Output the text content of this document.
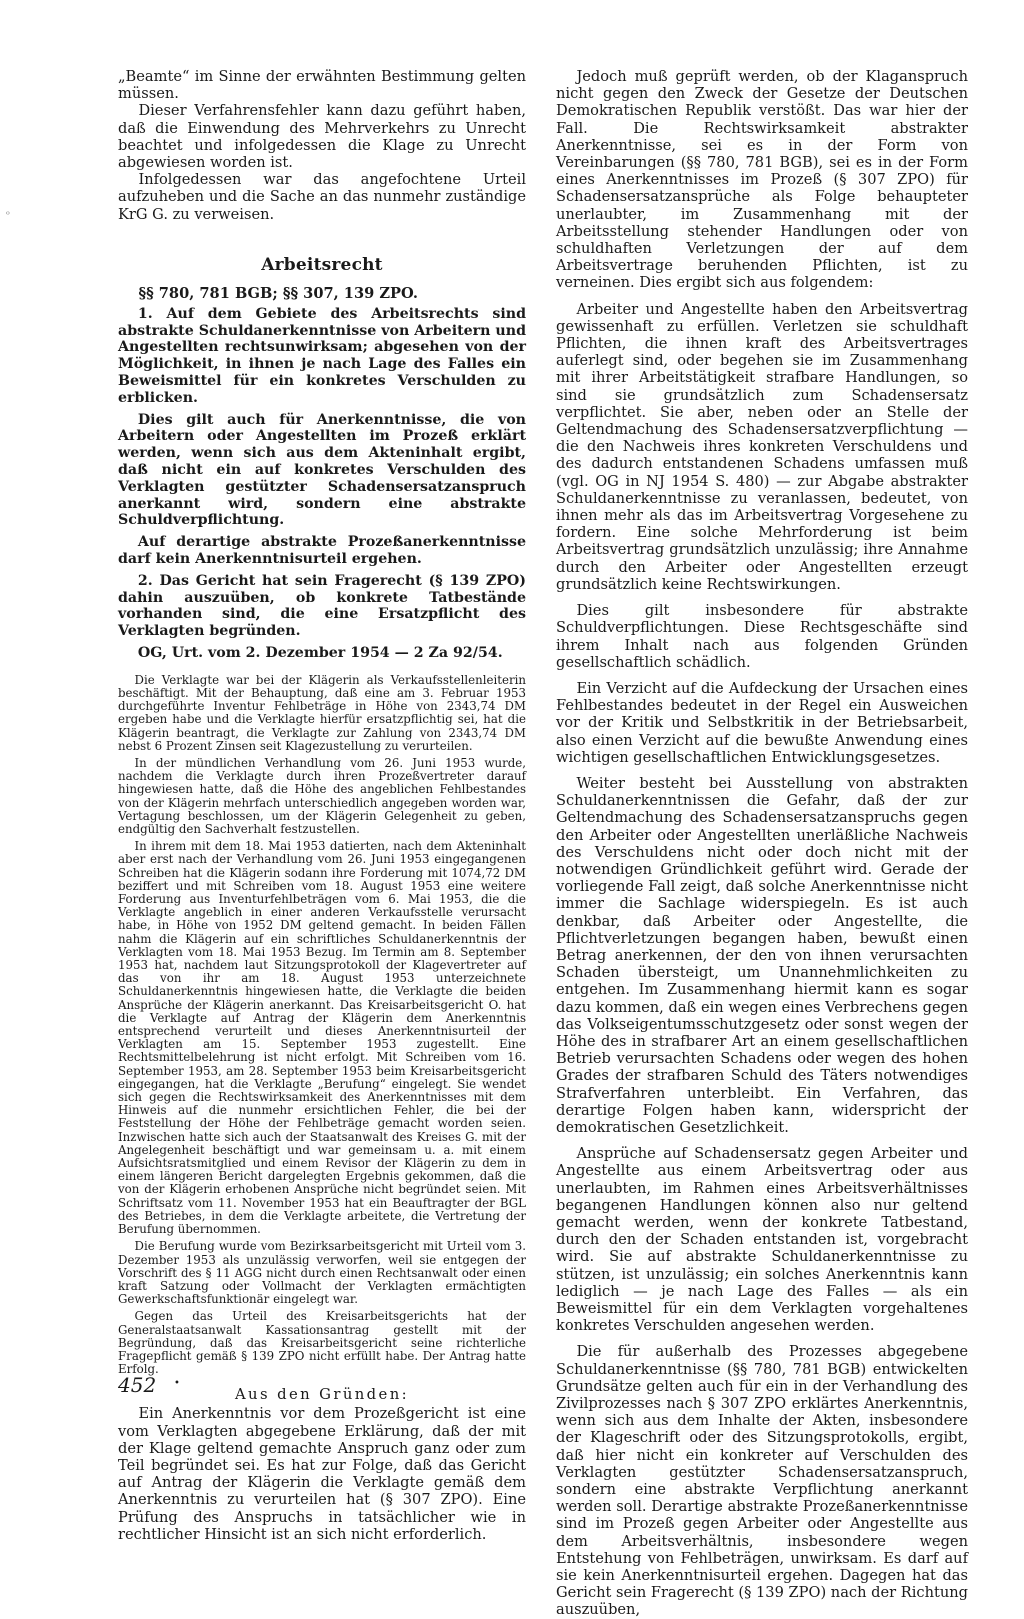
ᵒ

„Beamte“ im Sinne der erwähnten Bestimmung gelten müssen.

Dieser Verfahrensfehler kann dazu geführt haben, daß die Einwendung des Mehrverkehrs zu Unrecht beachtet und infolgedessen die Klage zu Unrecht abgewiesen worden ist.

Infolgedessen war das angefochtene Urteil aufzuheben und die Sache an das nunmehr zuständige KrG G. zu verweisen.

Arbeitsrecht

§§ 780, 781 BGB; §§ 307, 139 ZPO.

1. Auf dem Gebiete des Arbeitsrechts sind abstrakte Schuldanerkenntnisse von Arbeitern und Angestellten rechtsunwirksam; abgesehen von der Möglichkeit, in ihnen je nach Lage des Falles ein Beweismittel für ein konkretes Verschulden zu erblicken.

Dies gilt auch für Anerkenntnisse, die von Arbeitern oder Angestellten im Prozeß erklärt werden, wenn sich aus dem Akteninhalt ergibt, daß nicht ein auf konkretes Verschulden des Verklagten gestützter Schadensersatzanspruch anerkannt wird, sondern eine abstrakte Schuldverpflichtung.

Auf derartige abstrakte Prozeßanerkenntnisse darf kein Anerkenntnisurteil ergehen.

2. Das Gericht hat sein Fragerecht (§ 139 ZPO) dahin auszuüben, ob konkrete Tatbestände vorhanden sind, die eine Ersatzpflicht des Verklagten begründen.

OG, Urt. vom 2. Dezember 1954 — 2 Za 92/54.

Die Verklagte war bei der Klägerin als Verkaufsstellenleiterin beschäftigt. Mit der Behauptung, daß eine am 3. Februar 1953 durchgeführte Inventur Fehlbeträge in Höhe von 2343,74 DM ergeben habe und die Verklagte hierfür ersatzpflichtig sei, hat die Klägerin beantragt, die Verklagte zur Zahlung von 2343,74 DM nebst 6 Prozent Zinsen seit Klagezustellung zu verurteilen.

In der mündlichen Verhandlung vom 26. Juni 1953 wurde, nachdem die Verklagte durch ihren Prozeßvertreter darauf hingewiesen hatte, daß die Höhe des angeblichen Fehlbestandes von der Klägerin mehrfach unterschiedlich angegeben worden war, Vertagung beschlossen, um der Klägerin Gelegenheit zu geben, endgültig den Sachverhalt festzustellen.

In ihrem mit dem 18. Mai 1953 datierten, nach dem Akteninhalt aber erst nach der Verhandlung vom 26. Juni 1953 eingegangenen Schreiben hat die Klägerin sodann ihre Forderung mit 1074,72 DM beziffert und mit Schreiben vom 18. August 1953 eine weitere Forderung aus Inventurfehlbeträgen vom 6. Mai 1953, die die Verklagte angeblich in einer anderen Verkaufsstelle verursacht habe, in Höhe von 1952 DM geltend gemacht. In beiden Fällen nahm die Klägerin auf ein schriftliches Schuldanerkenntnis der Verklagten vom 18. Mai 1953 Bezug. Im Termin am 8. September 1953 hat, nachdem laut Sitzungsprotokoll der Klagevertreter auf das von ihr am 18. August 1953 unterzeichnete Schuldanerkenntnis hingewiesen hatte, die Verklagte die beiden Ansprüche der Klägerin anerkannt. Das Kreisarbeitsgericht O. hat die Verklagte auf Antrag der Klägerin dem Anerkenntnis entsprechend verurteilt und dieses Anerkenntnisurteil der Verklagten am 15. September 1953 zugestellt. Eine Rechtsmittelbelehrung ist nicht erfolgt. Mit Schreiben vom 16. September 1953, am 28. September 1953 beim Kreisarbeitsgericht eingegangen, hat die Verklagte „Berufung“ eingelegt. Sie wendet sich gegen die Rechtswirksamkeit des Anerkenntnisses mit dem Hinweis auf die nunmehr ersichtlichen Fehler, die bei der Feststellung der Höhe der Fehlbeträge gemacht worden seien. Inzwischen hatte sich auch der Staatsanwalt des Kreises G. mit der Angelegenheit beschäftigt und war gemeinsam u. a. mit einem Aufsichtsratsmitglied und einem Revisor der Klägerin zu dem in einem längeren Bericht dargelegten Ergebnis gekommen, daß die von der Klägerin erhobenen Ansprüche nicht begründet seien. Mit Schriftsatz vom 11. November 1953 hat ein Beauftragter der BGL des Betriebes, in dem die Verklagte arbeitete, die Vertretung der Berufung übernommen.

Die Berufung wurde vom Bezirksarbeitsgericht mit Urteil vom 3. Dezember 1953 als unzulässig verworfen, weil sie entgegen der Vorschrift des § 11 AGG nicht durch einen Rechtsanwalt oder einen kraft Satzung oder Vollmacht der Verklagten ermächtigten Gewerkschaftsfunktionär eingelegt war.

Gegen das Urteil des Kreisarbeitsgerichts hat der Generalstaatsanwalt Kassationsantrag gestellt mit der Begründung, daß das Kreisarbeitsgericht seine richterliche Fragepflicht gemäß § 139 ZPO nicht erfüllt habe. Der Antrag hatte Erfolg.

Aus den Gründen:

Ein Anerkenntnis vor dem Prozeßgericht ist eine vom Verklagten abgegebene Erklärung, daß der mit der Klage geltend gemachte Anspruch ganz oder zum Teil begründet sei. Es hat zur Folge, daß das Gericht auf Antrag der Klägerin die Verklagte gemäß dem Anerkenntnis zu verurteilen hat (§ 307 ZPO). Eine Prüfung des Anspruchs in tatsächlicher wie in rechtlicher Hinsicht ist an sich nicht erforderlich.

Jedoch muß geprüft werden, ob der Klaganspruch nicht gegen den Zweck der Gesetze der Deutschen Demokratischen Republik verstößt. Das war hier der Fall. Die Rechtswirksamkeit abstrakter Anerkenntnisse, sei es in der Form von Vereinbarungen (§§ 780, 781 BGB), sei es in der Form eines Anerkenntnisses im Prozeß (§ 307 ZPO) für Schadensersatzansprüche als Folge behaupteter unerlaubter, im Zusammenhang mit der Arbeitsstellung stehender Handlungen oder von schuldhaften Verletzungen der auf dem Arbeitsvertrage beruhenden Pflichten, ist zu verneinen. Dies ergibt sich aus folgendem:

Arbeiter und Angestellte haben den Arbeitsvertrag gewissenhaft zu erfüllen. Verletzen sie schuldhaft Pflichten, die ihnen kraft des Arbeitsvertrages auferlegt sind, oder begehen sie im Zusammenhang mit ihrer Arbeitstätigkeit strafbare Handlungen, so sind sie grundsätzlich zum Schadensersatz verpflichtet. Sie aber, neben oder an Stelle der Geltendmachung des Schadensersatzverpflichtung — die den Nachweis ihres konkreten Verschuldens und des dadurch entstandenen Schadens umfassen muß (vgl. OG in NJ 1954 S. 480) — zur Abgabe abstrakter Schuldanerkenntnisse zu veranlassen, bedeutet, von ihnen mehr als das im Arbeitsvertrag Vorgesehene zu fordern. Eine solche Mehrforderung ist beim Arbeitsvertrag grundsätzlich unzulässig; ihre Annahme durch den Arbeiter oder Angestellten erzeugt grundsätzlich keine Rechtswirkungen.

Dies gilt insbesondere für abstrakte Schuldverpflichtungen. Diese Rechtsgeschäfte sind ihrem Inhalt nach aus folgenden Gründen gesellschaftlich schädlich.

Ein Verzicht auf die Aufdeckung der Ursachen eines Fehlbestandes bedeutet in der Regel ein Ausweichen vor der Kritik und Selbstkritik in der Betriebsarbeit, also einen Verzicht auf die bewußte Anwendung eines wichtigen gesellschaftlichen Entwicklungsgesetzes.

Weiter besteht bei Ausstellung von abstrakten Schuldanerkenntnissen die Gefahr, daß der zur Geltendmachung des Schadensersatzanspruchs gegen den Arbeiter oder Angestellten unerläßliche Nachweis des Verschuldens nicht oder doch nicht mit der notwendigen Gründlichkeit geführt wird. Gerade der vorliegende Fall zeigt, daß solche Anerkenntnisse nicht immer die Sachlage widerspiegeln. Es ist auch denkbar, daß Arbeiter oder Angestellte, die Pflichtverletzungen begangen haben, bewußt einen Betrag anerkennen, der den von ihnen verursachten Schaden übersteigt, um Unannehmlichkeiten zu entgehen. Im Zusammenhang hiermit kann es sogar dazu kommen, daß ein wegen eines Verbrechens gegen das Volkseigentumsschutzgesetz oder sonst wegen der Höhe des in strafbarer Art an einem gesellschaftlichen Betrieb verursachten Schadens oder wegen des hohen Grades der strafbaren Schuld des Täters notwendiges Strafverfahren unterbleibt. Ein Verfahren, das derartige Folgen haben kann, widerspricht der demokratischen Gesetzlichkeit.

Ansprüche auf Schadensersatz gegen Arbeiter und Angestellte aus einem Arbeitsvertrag oder aus unerlaubten, im Rahmen eines Arbeitsverhältnisses begangenen Handlungen können also nur geltend gemacht werden, wenn der konkrete Tatbestand, durch den der Schaden entstanden ist, vorgebracht wird. Sie auf abstrakte Schuldanerkenntnisse zu stützen, ist unzulässig; ein solches Anerkenntnis kann lediglich — je nach Lage des Falles — als ein Beweismittel für ein dem Verklagten vorgehaltenes konkretes Verschulden angesehen werden.

Die für außerhalb des Prozesses abgegebene Schuldanerkenntnisse (§§ 780, 781 BGB) entwickelten Grundsätze gelten auch für ein in der Verhandlung des Zivilprozesses nach § 307 ZPO erklärtes Anerkenntnis, wenn sich aus dem Inhalte der Akten, insbesondere der Klageschrift oder des Sitzungsprotokolls, ergibt, daß hier nicht ein konkreter auf Verschulden des Verklagten gestützter Schadensersatzanspruch, sondern eine abstrakte Verpflichtung anerkannt werden soll. Derartige abstrakte Prozeßanerkenntnisse sind im Prozeß gegen Arbeiter oder Angestellte aus dem Arbeitsverhältnis, insbesondere wegen Entstehung von Fehlbeträgen, unwirksam. Es darf auf sie kein Anerkenntnisurteil ergehen. Dagegen hat das Gericht sein Fragerecht (§ 139 ZPO) nach der Richtung auszuüben,

452 •
